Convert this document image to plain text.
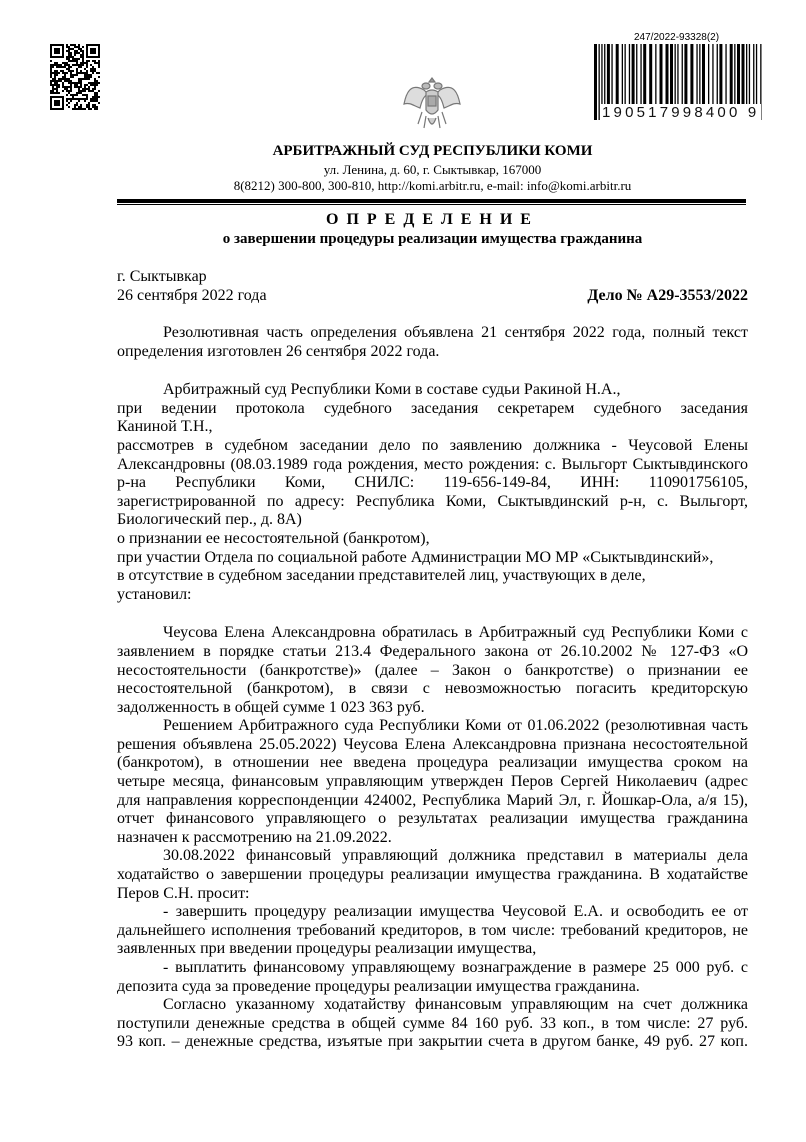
247/2022-93328(2)
190517998400 9
АРБИТРАЖНЫЙ СУД РЕСПУБЛИКИ КОМИ
ул. Ленина, д. 60, г. Сыктывкар, 167000
8(8212) 300-800, 300-810, http://komi.arbitr.ru, e-mail: info@komi.arbitr.ru
ОПРЕДЕЛЕНИЕ
о завершении процедуры реализации имущества гражданина
г. Сыктывкар
26 сентября 2022 года	Дело № А29-3553/2022
Резолютивная часть определения объявлена 21 сентября 2022 года, полный текст
определения изготовлен 26 сентября 2022 года.
Арбитражный суд Республики Коми в составе судьи Ракиной Н.А.,
при ведении протокола судебного заседания секретарем судебного заседания
Каниной Т.Н.,
рассмотрев в судебном заседании дело по заявлению должника - Чеусовой Елены
Александровны (08.03.1989 года рождения, место рождения: с. Выльгорт Сыктывдинского
р-на Республики Коми, СНИЛС: 119-656-149-84, ИНН: 110901756105,
зарегистрированной по адресу: Республика Коми, Сыктывдинский р-н, с. Выльгорт,
Биологический пер., д. 8А)
о признании ее несостоятельной (банкротом),
при участии Отдела по социальной работе Администрации МО МР «Сыктывдинский»,
в отсутствие в судебном заседании представителей лиц, участвующих в деле,
установил:
Чеусова Елена Александровна обратилась в Арбитражный суд Республики Коми с
заявлением в порядке статьи 213.4 Федерального закона от 26.10.2002 № 127-ФЗ «О
несостоятельности (банкротстве)» (далее – Закон о банкротстве) о признании ее
несостоятельной (банкротом), в связи с невозможностью погасить кредиторскую
задолженность в общей сумме 1 023 363 руб.
Решением Арбитражного суда Республики Коми от 01.06.2022 (резолютивная часть
решения объявлена 25.05.2022) Чеусова Елена Александровна признана несостоятельной
(банкротом), в отношении нее введена процедура реализации имущества сроком на
четыре месяца, финансовым управляющим утвержден Перов Сергей Николаевич (адрес
для направления корреспонденции 424002, Республика Марий Эл, г. Йошкар-Ола, а/я 15),
отчет финансового управляющего о результатах реализации имущества гражданина
назначен к рассмотрению на 21.09.2022.
30.08.2022 финансовый управляющий должника представил в материалы дела
ходатайство о завершении процедуры реализации имущества гражданина. В ходатайстве
Перов С.Н. просит:
- завершить процедуру реализации имущества Чеусовой Е.А. и освободить ее от
дальнейшего исполнения требований кредиторов, в том числе: требований кредиторов, не
заявленных при введении процедуры реализации имущества,
- выплатить финансовому управляющему вознаграждение в размере 25 000 руб. с
депозита суда за проведение процедуры реализации имущества гражданина.
Согласно указанному ходатайству финансовым управляющим на счет должника
поступили денежные средства в общей сумме 84 160 руб. 33 коп., в том числе: 27 руб.
93 коп. – денежные средства, изъятые при закрытии счета в другом банке, 49 руб. 27 коп.
